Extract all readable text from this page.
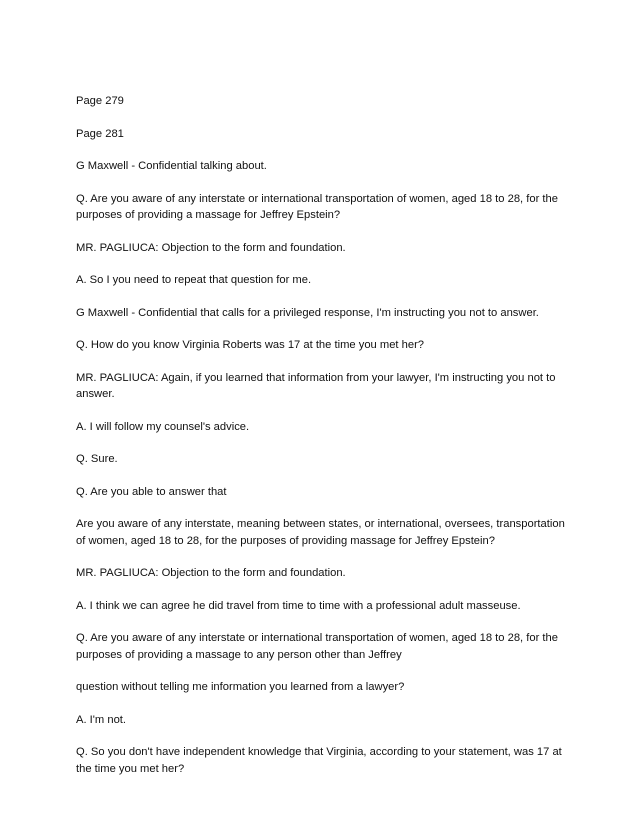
Page 279

Page 281

G Maxwell - Confidential talking about.

Q. Are you aware of any interstate or international transportation of women, aged 18 to 28, for the purposes of providing a massage for Jeffrey Epstein?

MR. PAGLIUCA: Objection to the form and foundation.

A. So I you need to repeat that question for me.

G Maxwell - Confidential that calls for a privileged response, I'm instructing you not to answer.

Q. How do you know Virginia Roberts was 17 at the time you met her?

MR. PAGLIUCA: Again, if you learned that information from your lawyer, I'm instructing you not to answer.

A. I will follow my counsel's advice.

Q. Sure.

Q. Are you able to answer that

Are you aware of any interstate, meaning between states, or international, oversees, transportation of women, aged 18 to 28, for the purposes of providing massage for Jeffrey Epstein?

MR. PAGLIUCA: Objection to the form and foundation.

A. I think we can agree he did travel from time to time with a professional adult masseuse.

Q. Are you aware of any interstate or international transportation of women, aged 18 to 28, for the purposes of providing a massage to any person other than Jeffrey

question without telling me information you learned from a lawyer?

A. I'm not.

Q. So you don't have independent knowledge that Virginia, according to your statement, was 17 at the time you met her?
